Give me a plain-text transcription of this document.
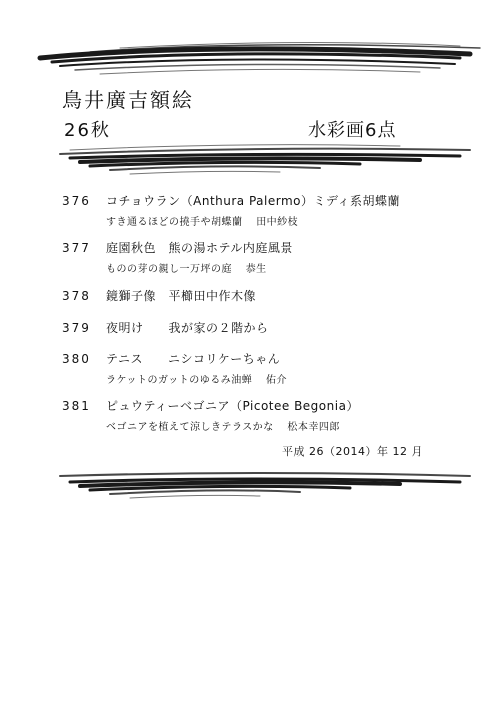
鳥井廣吉額絵
26秋	水彩画6点
376	コチョウラン（Anthura Palermo）ミディ系胡蝶蘭
すき通るほどの撓手や胡蝶蘭 田中紗枝
377	庭園秋色　熊の湯ホテル内庭風景
ものの芽の親し一万坪の庭 恭生
378	鏡獅子像　平櫛田中作木像
379	夜明け　　我が家の２階から
380	テニス　　ニシコリケーちゃん
ラケットのガットのゆるみ油蝉 佑介
381	ピュウティーベゴニア（Picotee Begonia）
ベゴニアを植えて涼しきテラスかな 松本幸四郎
平成 26（2014）年 12 月
